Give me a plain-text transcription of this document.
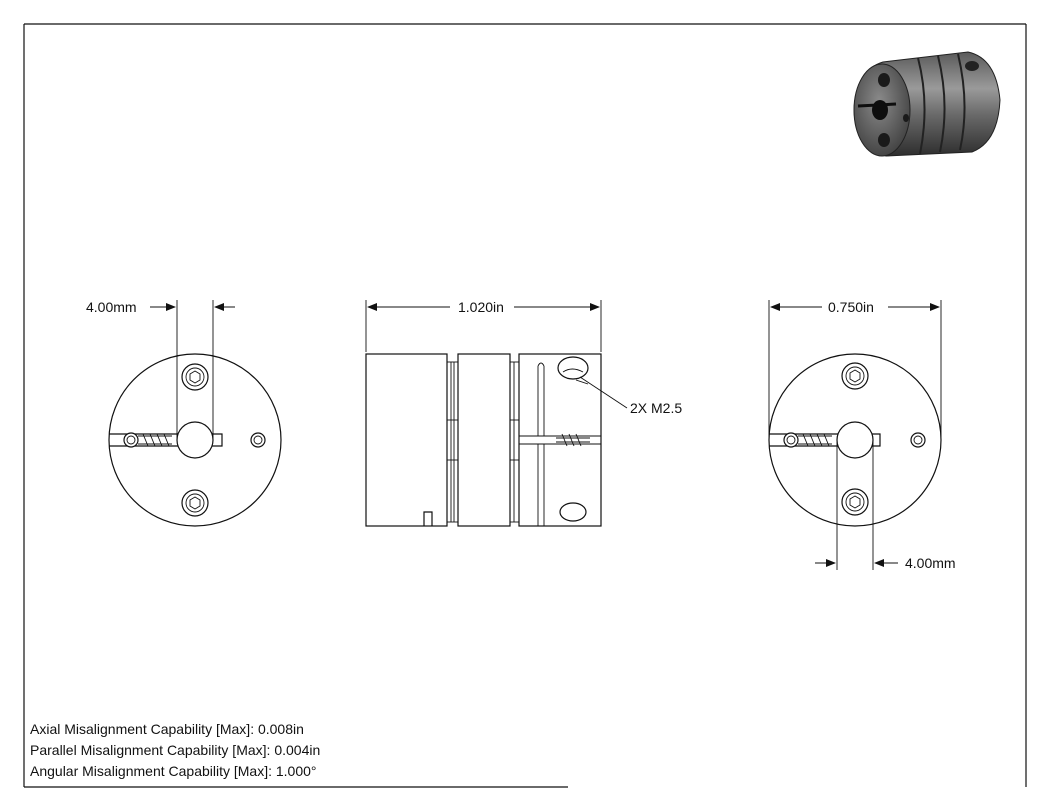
4.00mm	1.020in
2X M2.5
0.750in
4.00mm
Axial Misalignment Capability [Max]: 0.008in
Parallel Misalignment Capability [Max]: 0.004in
Angular Misalignment Capability [Max]: 1.000°
